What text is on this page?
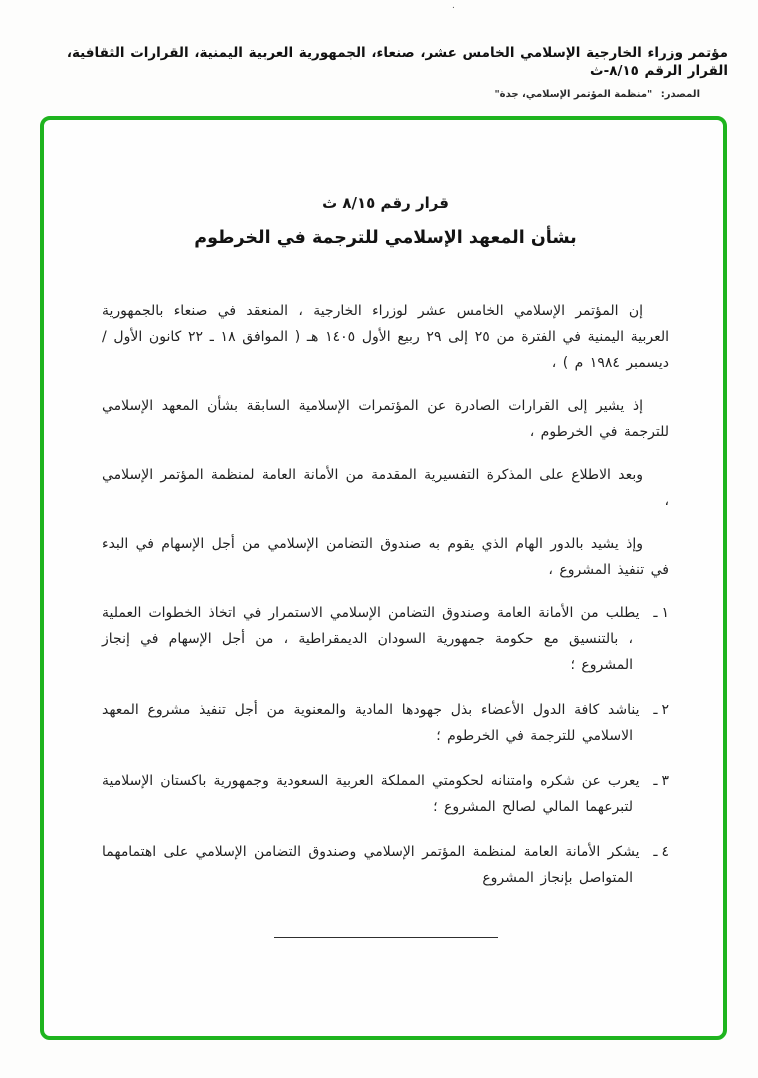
٠
مؤتمر وزراء الخارجية الإسلامي الخامس عشر، صنعاء، الجمهورية العربية اليمنية، القرارات الثقافية، القرار الرقم ٨/١٥-ث
المصدر: "منظمة المؤتمر الإسلامي، جدة"
قرار رقم ٨/١٥ ث
بشأن المعهد الإسلامي للترجمة في الخرطوم

إن المؤتمر الإسلامي الخامس عشر لوزراء الخارجية ، المنعقد في صنعاء بالجمهورية العربية اليمنية في الفترة من ٢٥ إلى ٢٩ ربيع الأول ١٤٠٥ هـ ( الموافق ١٨ ـ ٢٢ كانون الأول /ديسمبر ١٩٨٤ م ) ،

إذ يشير إلى القرارات الصادرة عن المؤتمرات الإسلامية السابقة بشأن المعهد الإسلامي للترجمة في الخرطوم ،

وبعد الاطلاع على المذكرة التفسيرية المقدمة من الأمانة العامة لمنظمة المؤتمر الإسلامي ،

وإذ يشيد بالدور الهام الذي يقوم به صندوق التضامن الإسلامي من أجل الإسهام في البدء في تنفيذ المشروع ،

١ـيطلب من الأمانة العامة وصندوق التضامن الإسلامي الاستمرار في اتخاذ الخطوات العملية ، بالتنسيق مع حكومة جمهورية السودان الديمقراطية ، من أجل الإسهام في إنجاز المشروع ؛
٢ـيناشد كافة الدول الأعضاء بذل جهودها المادية والمعنوية من أجل تنفيذ مشروع المعهد الاسلامي للترجمة في الخرطوم ؛
٣ـيعرب عن شكره وامتنانه لحكومتي المملكة العربية السعودية وجمهورية باكستان الإسلامية لتبرعهما المالي لصالح المشروع ؛
٤ـيشكر الأمانة العامة لمنظمة المؤتمر الإسلامي وصندوق التضامن الإسلامي على اهتمامهما المتواصل بإنجاز المشروع
